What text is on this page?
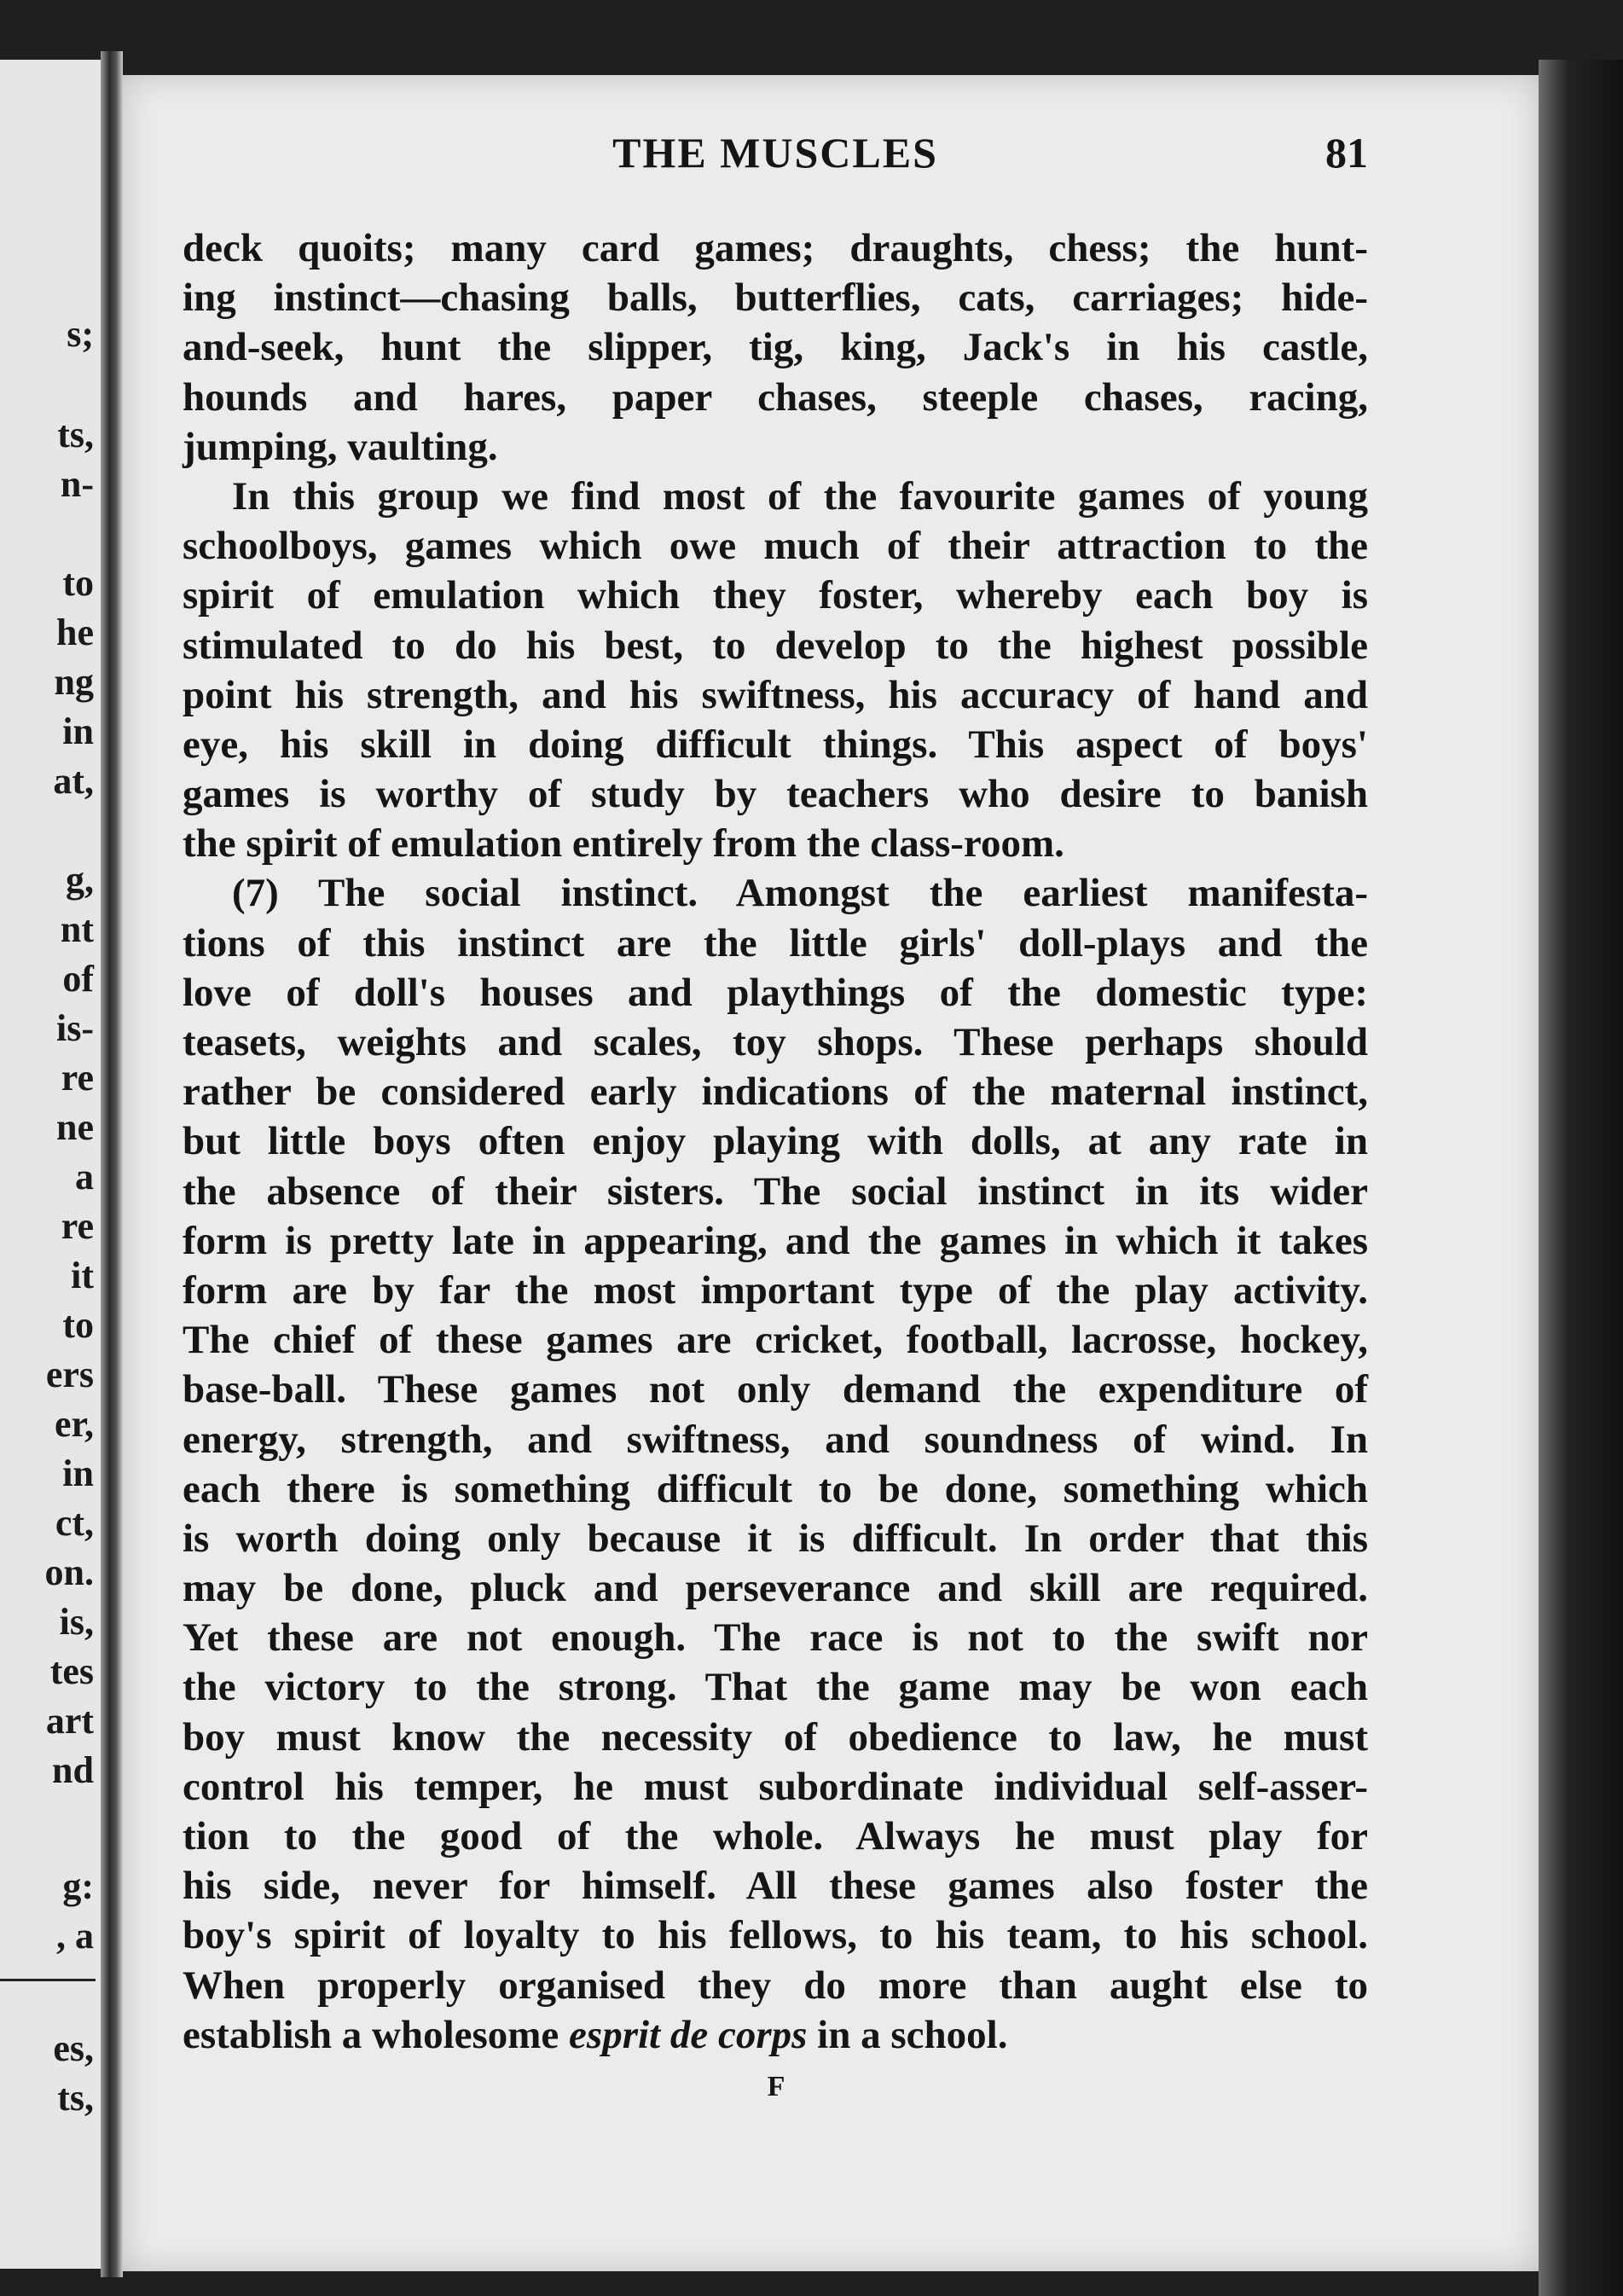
s;
ts,
n-
to
he
ng
in
at,
g,
nt
of
is-
re
ne
a
re
it
to
ers
er,
in
ct,
on.
is,
tes
art
nd
g:
, a
es,
ts,
THE MUSCLES	81
deck quoits; many card games; draughts, chess; the hunt-
ing instinct—chasing balls, butterflies, cats, carriages; hide-
and-seek, hunt the slipper, tig, king, Jack's in his castle,
hounds and hares, paper chases, steeple chases, racing,
jumping, vaulting.
In this group we find most of the favourite games of young
schoolboys, games which owe much of their attraction to the
spirit of emulation which they foster, whereby each boy is
stimulated to do his best, to develop to the highest possible
point his strength, and his swiftness, his accuracy of hand and
eye, his skill in doing difficult things. This aspect of boys'
games is worthy of study by teachers who desire to banish
the spirit of emulation entirely from the class-room.
(7) The social instinct. Amongst the earliest manifesta-
tions of this instinct are the little girls' doll-plays and the
love of doll's houses and playthings of the domestic type:
teasets, weights and scales, toy shops. These perhaps should
rather be considered early indications of the maternal instinct,
but little boys often enjoy playing with dolls, at any rate in
the absence of their sisters. The social instinct in its wider
form is pretty late in appearing, and the games in which it takes
form are by far the most important type of the play activity.
The chief of these games are cricket, football, lacrosse, hockey,
base-ball. These games not only demand the expenditure of
energy, strength, and swiftness, and soundness of wind. In
each there is something difficult to be done, something which
is worth doing only because it is difficult. In order that this
may be done, pluck and perseverance and skill are required.
Yet these are not enough. The race is not to the swift nor
the victory to the strong. That the game may be won each
boy must know the necessity of obedience to law, he must
control his temper, he must subordinate individual self-asser-
tion to the good of the whole. Always he must play for
his side, never for himself. All these games also foster the
boy's spirit of loyalty to his fellows, to his team, to his school.
When properly organised they do more than aught else to
establish a wholesome esprit de corps in a school.
F
